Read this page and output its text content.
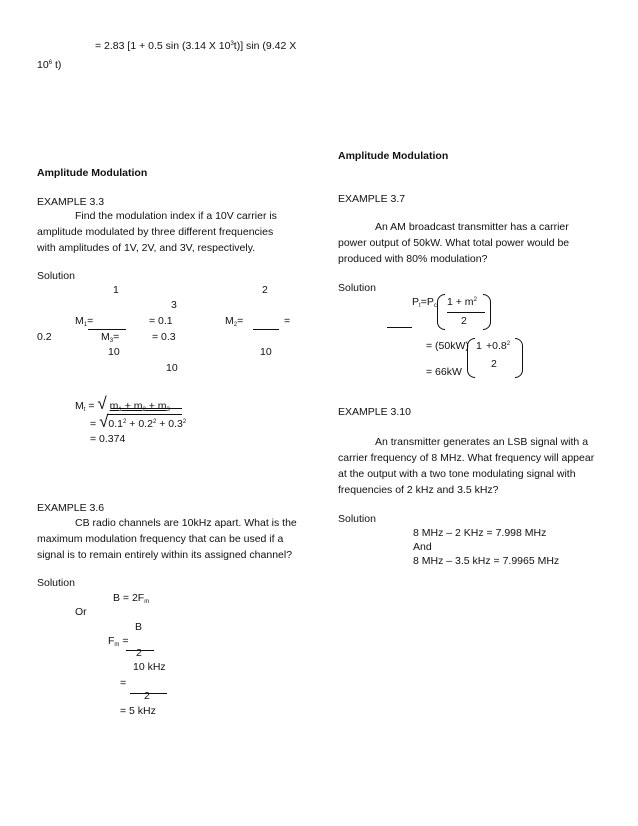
= 2.83 [1 + 0.5 sin (3.14 X $10^3t$)] sin (9.42 X
$10^6$ t)
Amplitude Modulation
EXAMPLE 3.3
Find the modulation index if a 10V carrier is
amplitude modulated by three different frequencies
with amplitudes of 1V, 2V, and 3V, respectively.
Solution
1	2
3
M1=	= 0.1	M2=	=
0.2	M3=	= 0.3
10	10
10
Mt = √ m1 + m2 + m3
= $√0.1^2 + 0.2^2 + 0.3^2$
= 0.374
EXAMPLE 3.6
CB radio channels are 10kHz apart. What is the
maximum modulation frequency that can be used if a
signal is to remain entirely within its assigned channel?
Solution
B = 2Fm
Or
B
Fm =
2
10 kHz
=
2
= 5 kHz
Amplitude Modulation
EXAMPLE 3.7
An AM broadcast transmitter has a carrier
power output of 50kW. What total power would be
produced with 80% modulation?
Solution
Pt=Pc $1 + m^2$
2
= (50kW) $1 +0.8^2$
2
= 66kW
EXAMPLE 3.10
An transmitter generates an LSB signal with a
carrier frequency of 8 MHz. What frequency will appear
at the output with a two tone modulating signal with
frequencies of 2 kHz and 3.5 kHz?
Solution
8 MHz – 2 KHz = 7.998 MHz
And
8 MHz – 3.5 kHz = 7.9965 MHz
